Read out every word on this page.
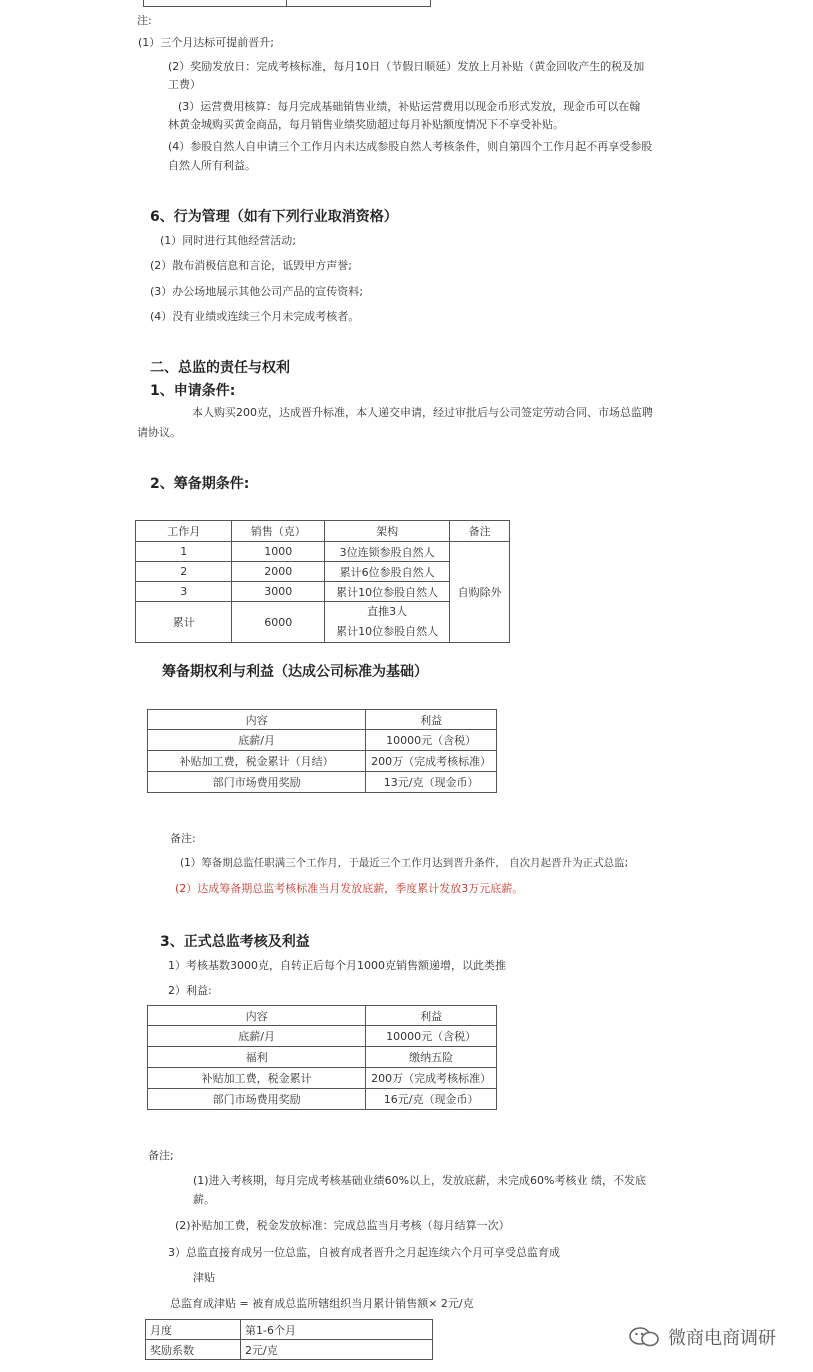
注:
(1）三个月达标可提前晋升;
(2）奖励发放日：完成考核标准，每月10日（节假日顺延）发放上月补贴（黄金回收产生的税及加
工费）
(3）运营费用核算：每月完成基础销售业绩，补贴运营费用以现金币形式发放，现金币可以在翰
林黄金城购买黄金商品，每月销售业绩奖励超过每月补贴额度情况下不享受补贴。
(4）参股自然人自申请三个工作月内未达成参股自然人考核条件，则自第四个工作月起不再享受参股
自然人所有利益。
6、行为管理（如有下列行业取消资格）
(1）同时进行其他经营活动;
(2）散布消极信息和言论，诋毁甲方声誉;
(3）办公场地展示其他公司产品的宣传资料;
(4）没有业绩或连续三个月未完成考核者。
二、总监的责任与权利
1、申请条件:
本人购买200克，达成晋升标准，本人递交申请，经过审批后与公司签定劳动合同、市场总监聘
请协议。
2、筹备期条件:
工作月	销售（克）	架构	备注
1	1000	3位连锁参股自然人	自购除外
2	2000	累计6位参股自然人	
3	3000	累计10位参股自然人	
累计	6000	直推3人
累计10位参股自然人	
筹备期权利与利益（达成公司标准为基础）
内容	利益
底薪/月	10000元（含税）
补贴加工费，税金累计（月结）	200万（完成考核标准）
部门市场费用奖励	13元/克（现金币）
备注:
(1）筹备期总监任职满三个工作月，于最近三个工作月达到晋升条件， 自次月起晋升为正式总监;
(2）达成筹备期总监考核标准当月发放底薪，季度累计发放3万元底薪。
3、正式总监考核及利益
1）考核基数3000克，自转正后每个月1000克销售额递增，以此类推
2）利益:
内容	利益
底薪/月	10000元（含税）
福利	缴纳五险
补贴加工费，税金累计	200万（完成考核标准）
部门市场费用奖励	16元/克（现金币）
备注;
(1)进入考核期，每月完成考核基础业绩60%以上，发放底薪，未完成60%考核业 绩，不发底
薪。
(2)补贴加工费，税金发放标准：完成总监当月考核（每月结算一次）
3）总监直接育成另一位总监，自被育成者晋升之月起连续六个月可享受总监育成
津贴
总监育成津贴 = 被育成总监所辖组织当月累计销售额× 2元/克
月度	第1-6个月
奖励系数	2元/克
微商电商调研
